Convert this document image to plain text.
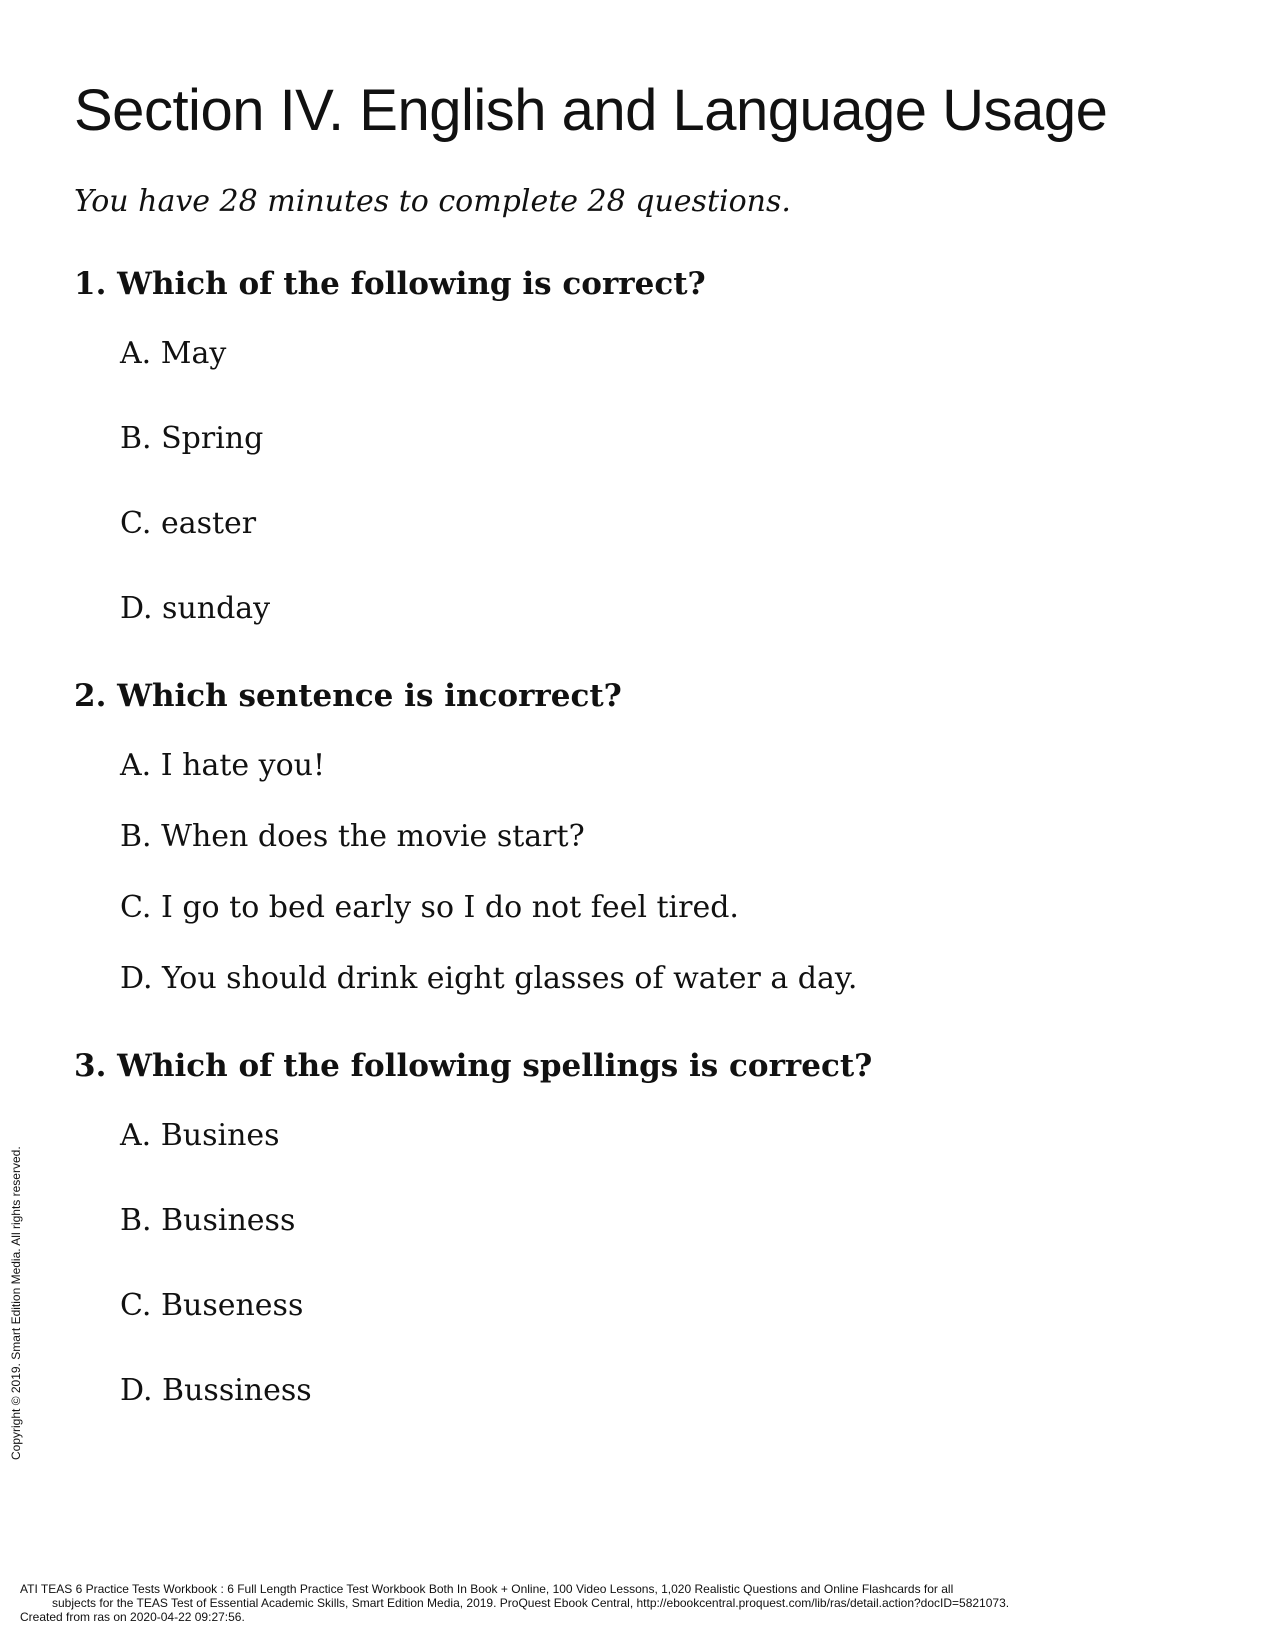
Section IV. English and Language Usage

You have 28 minutes to complete 28 questions.

1. Which of the following is correct?

A. May

B. Spring

C. easter

D. sunday

2. Which sentence is incorrect?

A. I hate you!

B. When does the movie start?

C. I go to bed early so I do not feel tired.

D. You should drink eight glasses of water a day.

3. Which of the following spellings is correct?

A. Busines

B. Business

C. Buseness

D. Bussiness

Copyright © 2019. Smart Edition Media. All rights reserved.
ATI TEAS 6 Practice Tests Workbook : 6 Full Length Practice Test Workbook Both In Book + Online, 100 Video Lessons, 1,020 Realistic Questions and Online Flashcards for all
subjects for the TEAS Test of Essential Academic Skills, Smart Edition Media, 2019. ProQuest Ebook Central, http://ebookcentral.proquest.com/lib/ras/detail.action?docID=5821073.
Created from ras on 2020-04-22 09:27:56.
